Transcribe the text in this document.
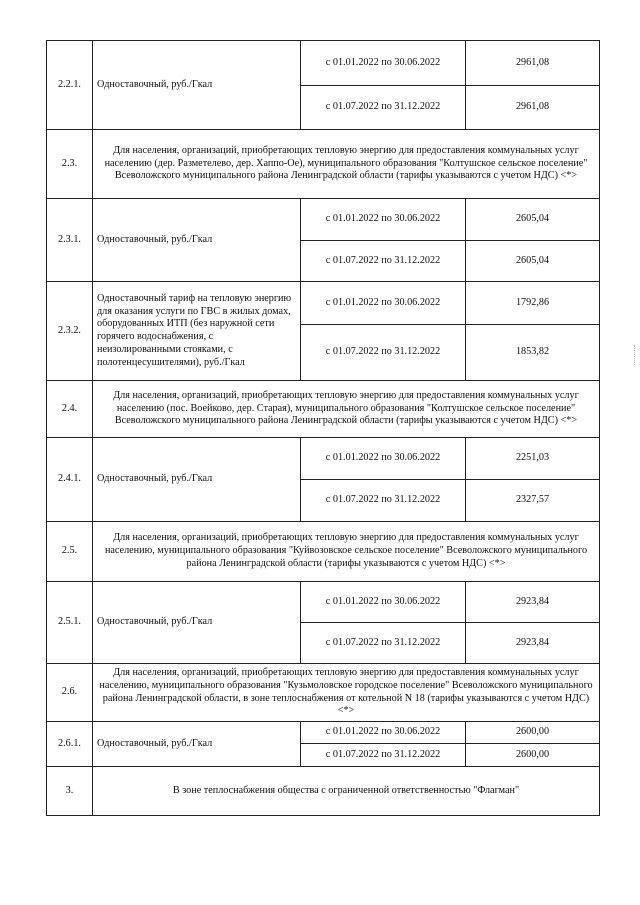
2.2.1.	Одноставочный, руб./Гкал	с 01.01.2022 по 30.06.2022	2961,08
		с 01.07.2022 по 31.12.2022	2961,08
2.3.	Для населения, организаций, приобретающих тепловую энергию для предоставления коммунальных услуг населению (дер. Разметелево, дер. Хаппо-Ое), муниципального образования "Колтушское сельское поселение" Всеволожского муниципального района Ленинградской области (тарифы указываются с учетом НДС) <*>		
2.3.1.	Одноставочный, руб./Гкал	с 01.01.2022 по 30.06.2022	2605,04
		с 01.07.2022 по 31.12.2022	2605,04
2.3.2.	Одноставочный тариф на тепловую энергию для оказания услуги по ГВС в жилых домах, оборудованных ИТП (без наружной сети горячего водоснабжения, с неизолированными стояками, с полотенцесушителями), руб./Гкал	с 01.01.2022 по 30.06.2022	1792,86
		с 01.07.2022 по 31.12.2022	1853,82
2.4.	Для населения, организаций, приобретающих тепловую энергию для предоставления коммунальных услуг населению (пос. Воейково, дер. Старая), муниципального образования "Колтушское сельское поселение" Всеволожского муниципального района Ленинградской области (тарифы указываются с учетом НДС) <*>		
2.4.1.	Одноставочный, руб./Гкал	с 01.01.2022 по 30.06.2022	2251,03
		с 01.07.2022 по 31.12.2022	2327,57
2.5.	Для населения, организаций, приобретающих тепловую энергию для предоставления коммунальных услуг населению, муниципального образования "Куйвозовское сельское поселение" Всеволожского муниципального района Ленинградской области (тарифы указываются с учетом НДС) <*>		
2.5.1.	Одноставочный, руб./Гкал	с 01.01.2022 по 30.06.2022	2923,84
		с 01.07.2022 по 31.12.2022	2923,84
2.6.	Для населения, организаций, приобретающих тепловую энергию для предоставления коммунальных услуг населению, муниципального образования "Кузьмоловское городское поселение" Всеволожского муниципального района Ленинградской области, в зоне теплоснабжения от котельной N 18 (тарифы указываются с учетом НДС) <*>		
2.6.1.	Одноставочный, руб./Гкал	с 01.01.2022 по 30.06.2022	2600,00
		с 01.07.2022 по 31.12.2022	2600,00
3.	В зоне теплоснабжения общества с ограниченной ответственностью "Флагман"		
